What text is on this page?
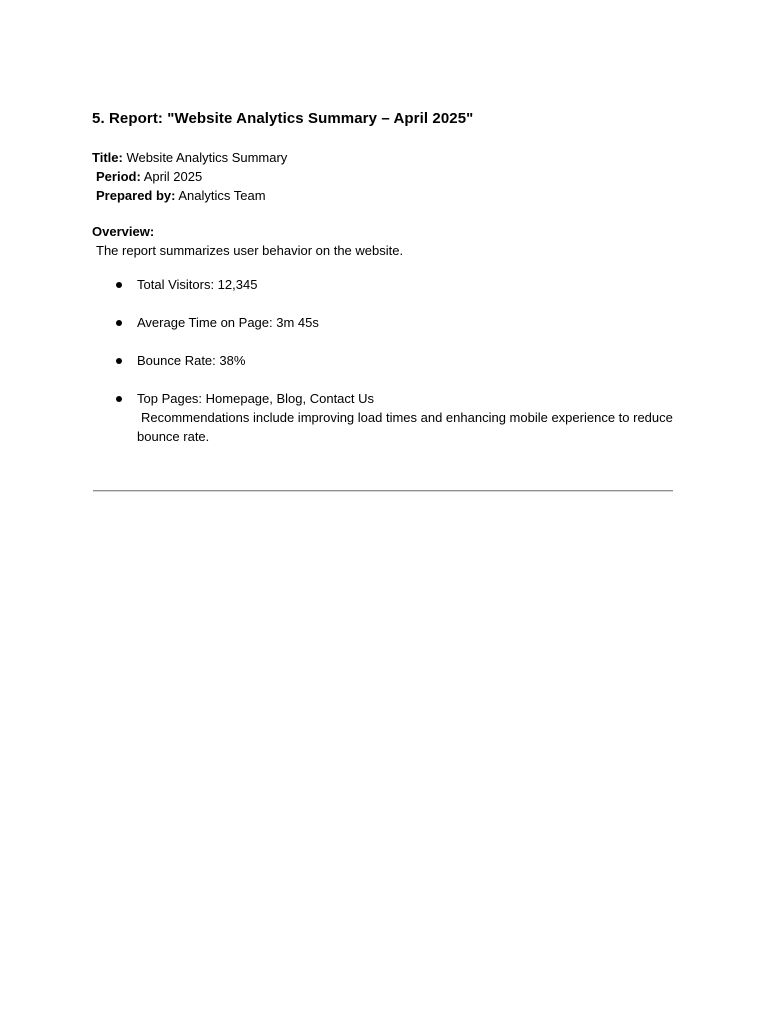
5. Report: "Website Analytics Summary – April 2025"
Title: Website Analytics Summary
Period: April 2025
Prepared by: Analytics Team
Overview:
The report summarizes user behavior on the website.
Total Visitors: 12,345
Average Time on Page: 3m 45s
Bounce Rate: 38%
Top Pages: Homepage, Blog, Contact Us
Recommendations include improving load times and enhancing mobile experience to reduce bounce rate.
